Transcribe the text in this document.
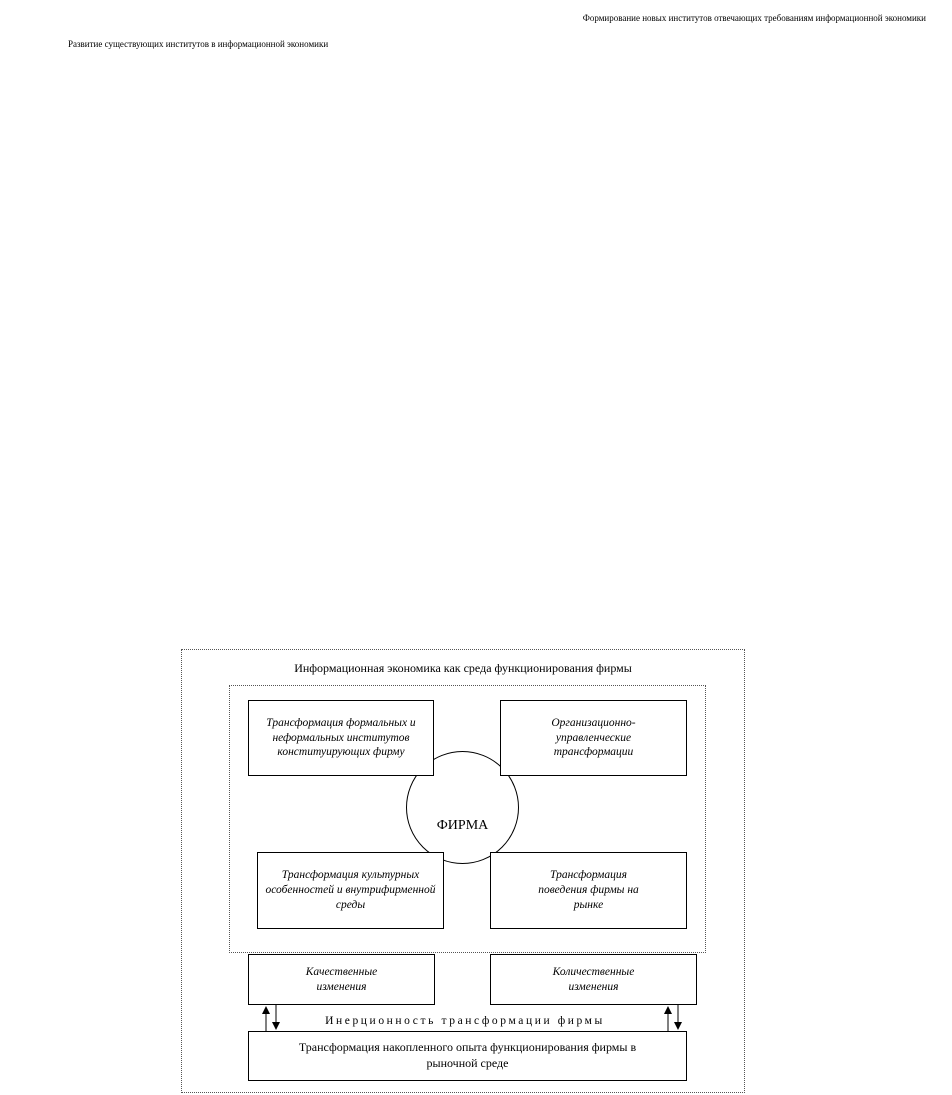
Формирование новых институтов отвечающих требованиям информационной экономики
Развитие существующих институтов в информационной экономики
Информационная экономика как среда функционирования фирмы
ФИРМА
Трансформация формальных и неформальных институтов конституирующих фирму
Организационно-управленческие трансформации
Трансформация культурных особенностей и внутрифирменной среды
Трансформация поведения фирмы на рынке
Качественные изменения
Количественные изменения
Инерционность трансформации фирмы
Трансформация накопленного опыта функционирования фирмы в рыночной среде
